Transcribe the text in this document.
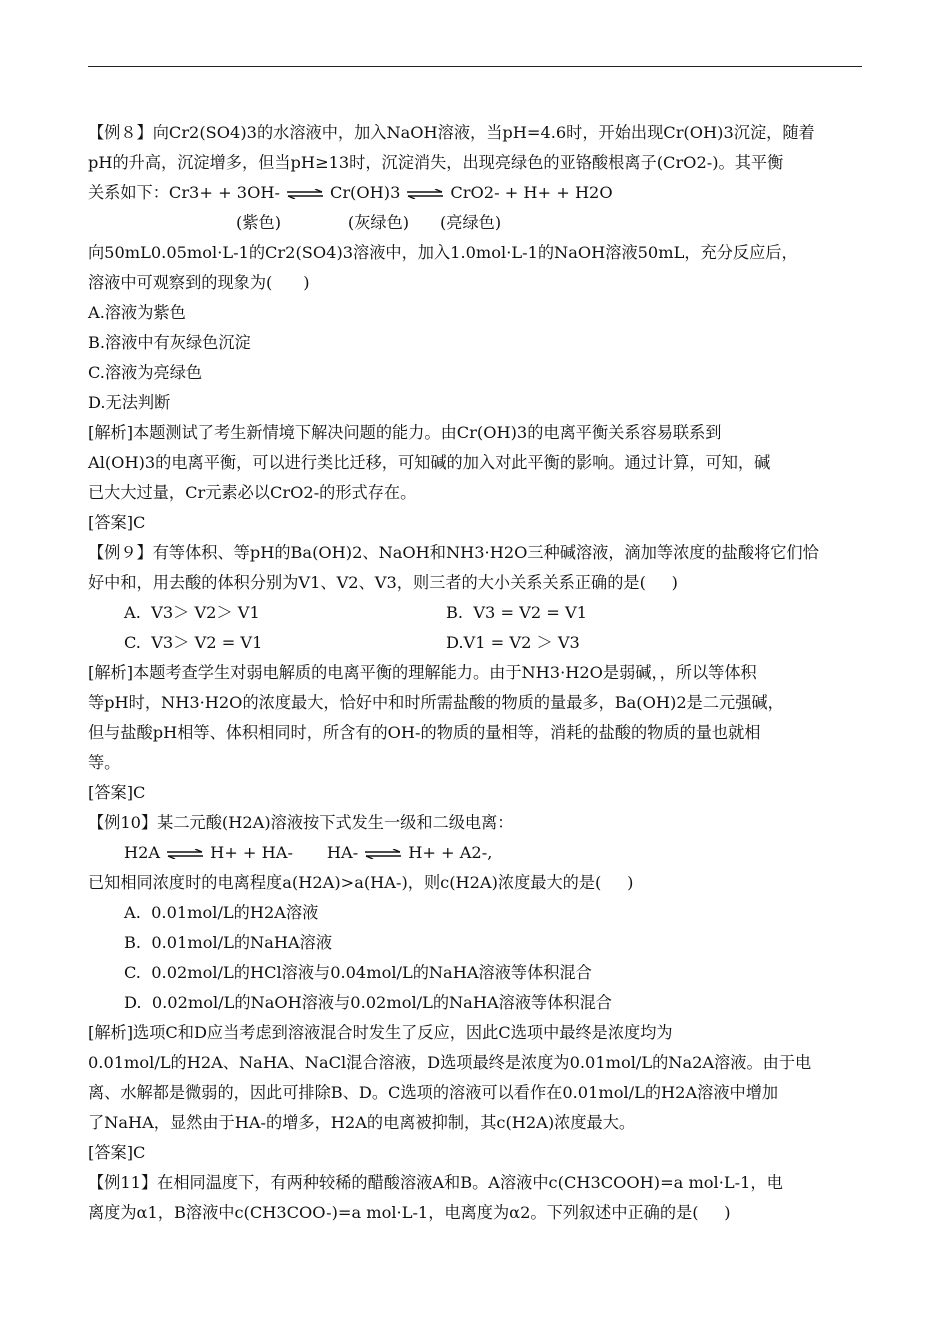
【例８】向Cr2(SO4)3的水溶液中，加入NaOH溶液，当pH=4.6时，开始出现Cr(OH)3沉淀，随着
pH的升高，沉淀增多，但当pH≥13时，沉淀消失，出现亮绿色的亚铬酸根离子(CrO2-)。其平衡
关系如下：Cr3+ + 3OH- ⇌ Cr(OH)3 ⇌ CrO2- + H+ + H2O
(紫色)             (灰绿色)      (亮绿色)
向50mL0.05mol·L-1的Cr2(SO4)3溶液中，加入1.0mol·L-1的NaOH溶液50mL，充分反应后，
溶液中可观察到的现象为(      )
A.溶液为紫色
B.溶液中有灰绿色沉淀
C.溶液为亮绿色
D.无法判断
[解析]本题测试了考生新情境下解决问题的能力。由Cr(OH)3的电离平衡关系容易联系到
Al(OH)3的电离平衡，可以进行类比迁移，可知碱的加入对此平衡的影响。通过计算，可知，碱
已大大过量，Cr元素必以CrO2-的形式存在。
[答案]C
【例９】有等体积、等pH的Ba(OH)2、NaOH和NH3·H2O三种碱溶液，滴加等浓度的盐酸将它们恰
好中和，用去酸的体积分别为V1、V2、V3，则三者的大小关系关系正确的是(     )
A.  V3＞ V2＞ V1	B.  V3 = V2 = V1
C.  V3＞ V2 = V1	D.V1 = V2 ＞ V3
[解析]本题考查学生对弱电解质的电离平衡的理解能力。由于NH3·H2O是弱碱，，所以等体积
等pH时，NH3·H2O的浓度最大，恰好中和时所需盐酸的物质的量最多，Ba(OH)2是二元强碱，
但与盐酸pH相等、体积相同时，所含有的OH-的物质的量相等，消耗的盐酸的物质的量也就相
等。
[答案]C
【例10】某二元酸(H2A)溶液按下式发生一级和二级电离：
H2A ⇌ H+ + HA- HA- ⇌ H+ + A2-,
已知相同浓度时的电离程度a(H2A)>a(HA-)，则c(H2A)浓度最大的是(     )
A.  0.01mol/L的H2A溶液
B.  0.01mol/L的NaHA溶液
C.  0.02mol/L的HCl溶液与0.04mol/L的NaHA溶液等体积混合
D.  0.02mol/L的NaOH溶液与0.02mol/L的NaHA溶液等体积混合
[解析]选项C和D应当考虑到溶液混合时发生了反应，因此C选项中最终是浓度均为
0.01mol/L的H2A、NaHA、NaCl混合溶液，D选项最终是浓度为0.01mol/L的Na2A溶液。由于电
离、水解都是微弱的，因此可排除B、D。C选项的溶液可以看作在0.01mol/L的H2A溶液中增加
了NaHA，显然由于HA-的增多，H2A的电离被抑制，其c(H2A)浓度最大。
[答案]C
【例11】在相同温度下，有两种较稀的醋酸溶液A和B。A溶液中c(CH3COOH)=a mol·L-1，电
离度为α1，B溶液中c(CH3COO-)=a mol·L-1，电离度为α2。下列叙述中正确的是(     )
